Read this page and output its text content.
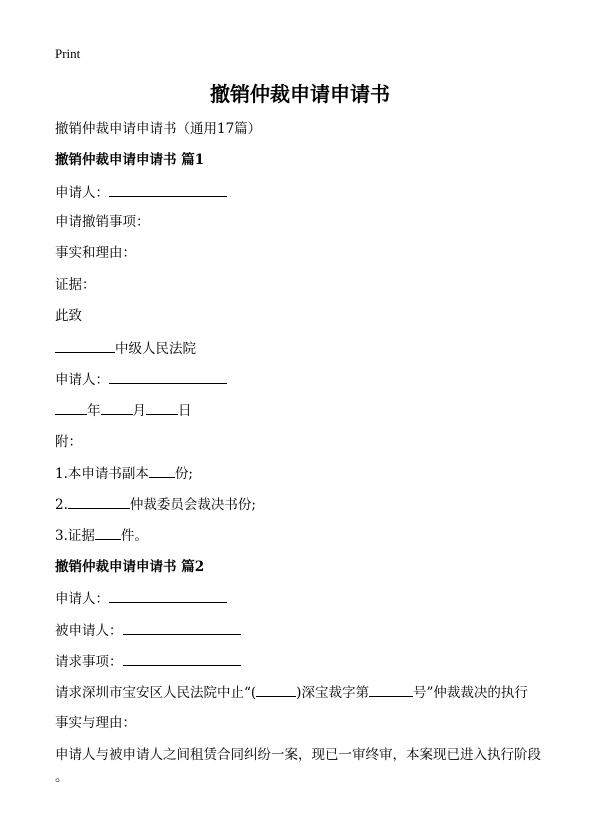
Print
撤销仲裁申请申请书
撤销仲裁申请申请书（通用17篇）
撤销仲裁申请申请书 篇1
申请人：
申请撤销事项：
事实和理由：
证据：
此致
中级人民法院
申请人：
年 月 日
附：
1.本申请书副本 份;
2.	仲裁委员会裁决书份;
3.证据 件。
撤销仲裁申请申请书 篇2
申请人：
被申请人：
请求事项：
请求深圳市宝安区人民法院中止“(	)深宝裁字第	号”仲裁裁决的执行
事实与理由：
申请人与被申请人之间租赁合同纠纷一案，现已一审终审，本案现已进入执行阶段
。
